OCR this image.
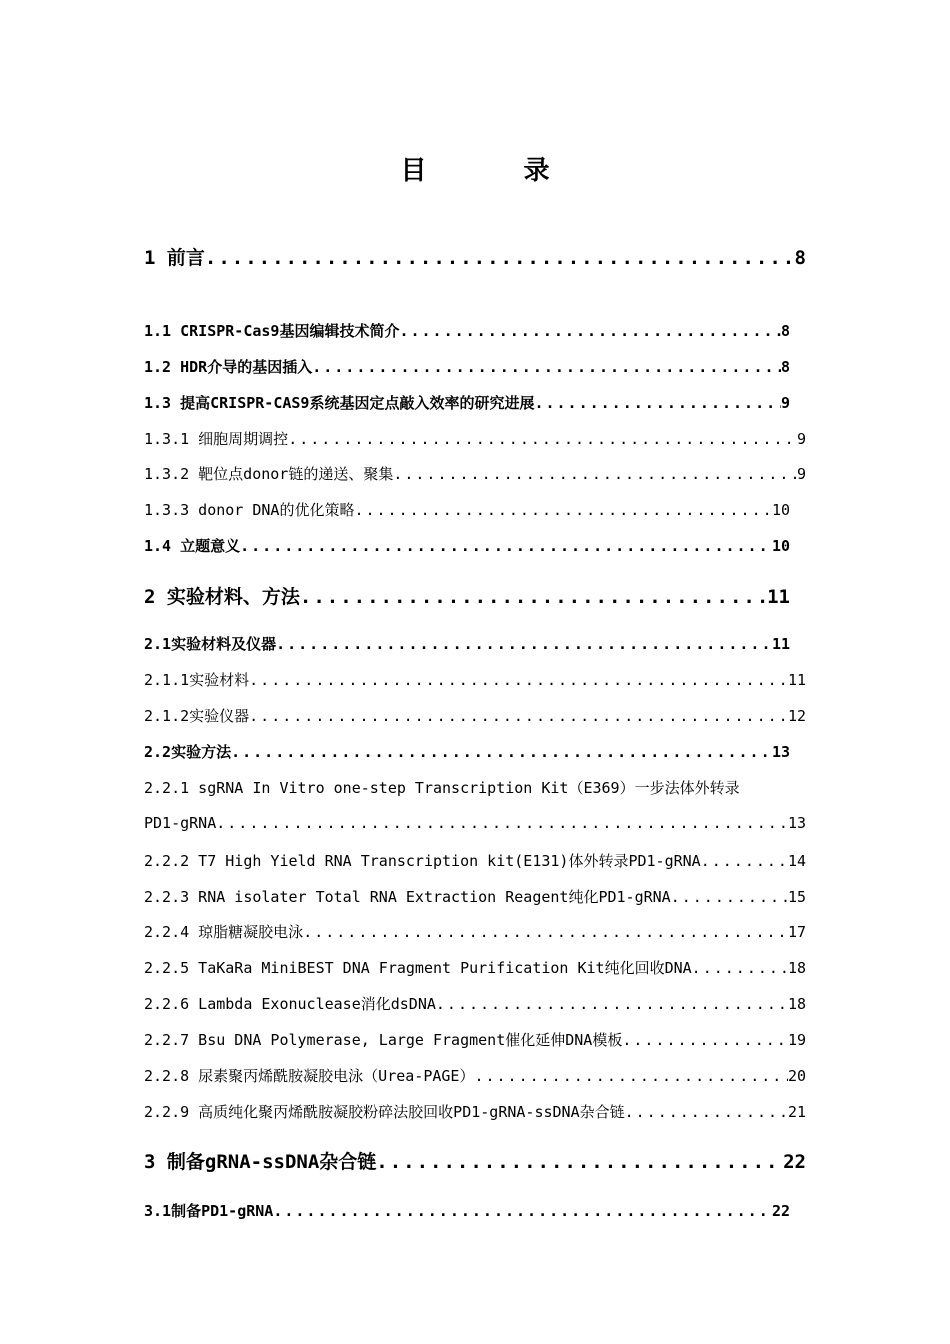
目 录
1 前言 .....	8
1.1 CRISPR-Cas9基因编辑技术简介 .....	8
1.2 HDR介导的基因插入 .....	8
1.3 提高CRISPR-CAS9系统基因定点敲入效率的研究进展 .....	9
1.3.1 细胞周期调控 .....	9
1.3.2 靶位点donor链的递送、聚集 .....	9
1.3.3 donor DNA的优化策略 .....	10
1.4 立题意义 .....	10
2 实验材料、方法 .....	11
2.1实验材料及仪器 .....	11
2.1.1实验材料 .....	11
2.1.2实验仪器 .....	12
2.2实验方法 .....	13
2.2.1 sgRNA In Vitro one-step Transcription Kit（E369）一步法体外转录
PD1-gRNA .....	13
2.2.2 T7 High Yield RNA Transcription kit(E131)体外转录PD1-gRNA .....	14
2.2.3 RNA isolater Total RNA Extraction Reagent纯化PD1-gRNA .....	15
2.2.4 琼脂糖凝胶电泳 .....	17
2.2.5 TaKaRa MiniBEST DNA Fragment Purification Kit纯化回收DNA .....	18
2.2.6 Lambda Exonuclease消化dsDNA .....	18
2.2.7 Bsu DNA Polymerase, Large Fragment催化延伸DNA模板 .....	19
2.2.8 尿素聚丙烯酰胺凝胶电泳（Urea-PAGE） .....	20
2.2.9 高质纯化聚丙烯酰胺凝胶粉碎法胶回收PD1-gRNA-ssDNA杂合链 .....	21
3 制备gRNA-ssDNA杂合链 .....	22
3.1制备PD1-gRNA .....	22
